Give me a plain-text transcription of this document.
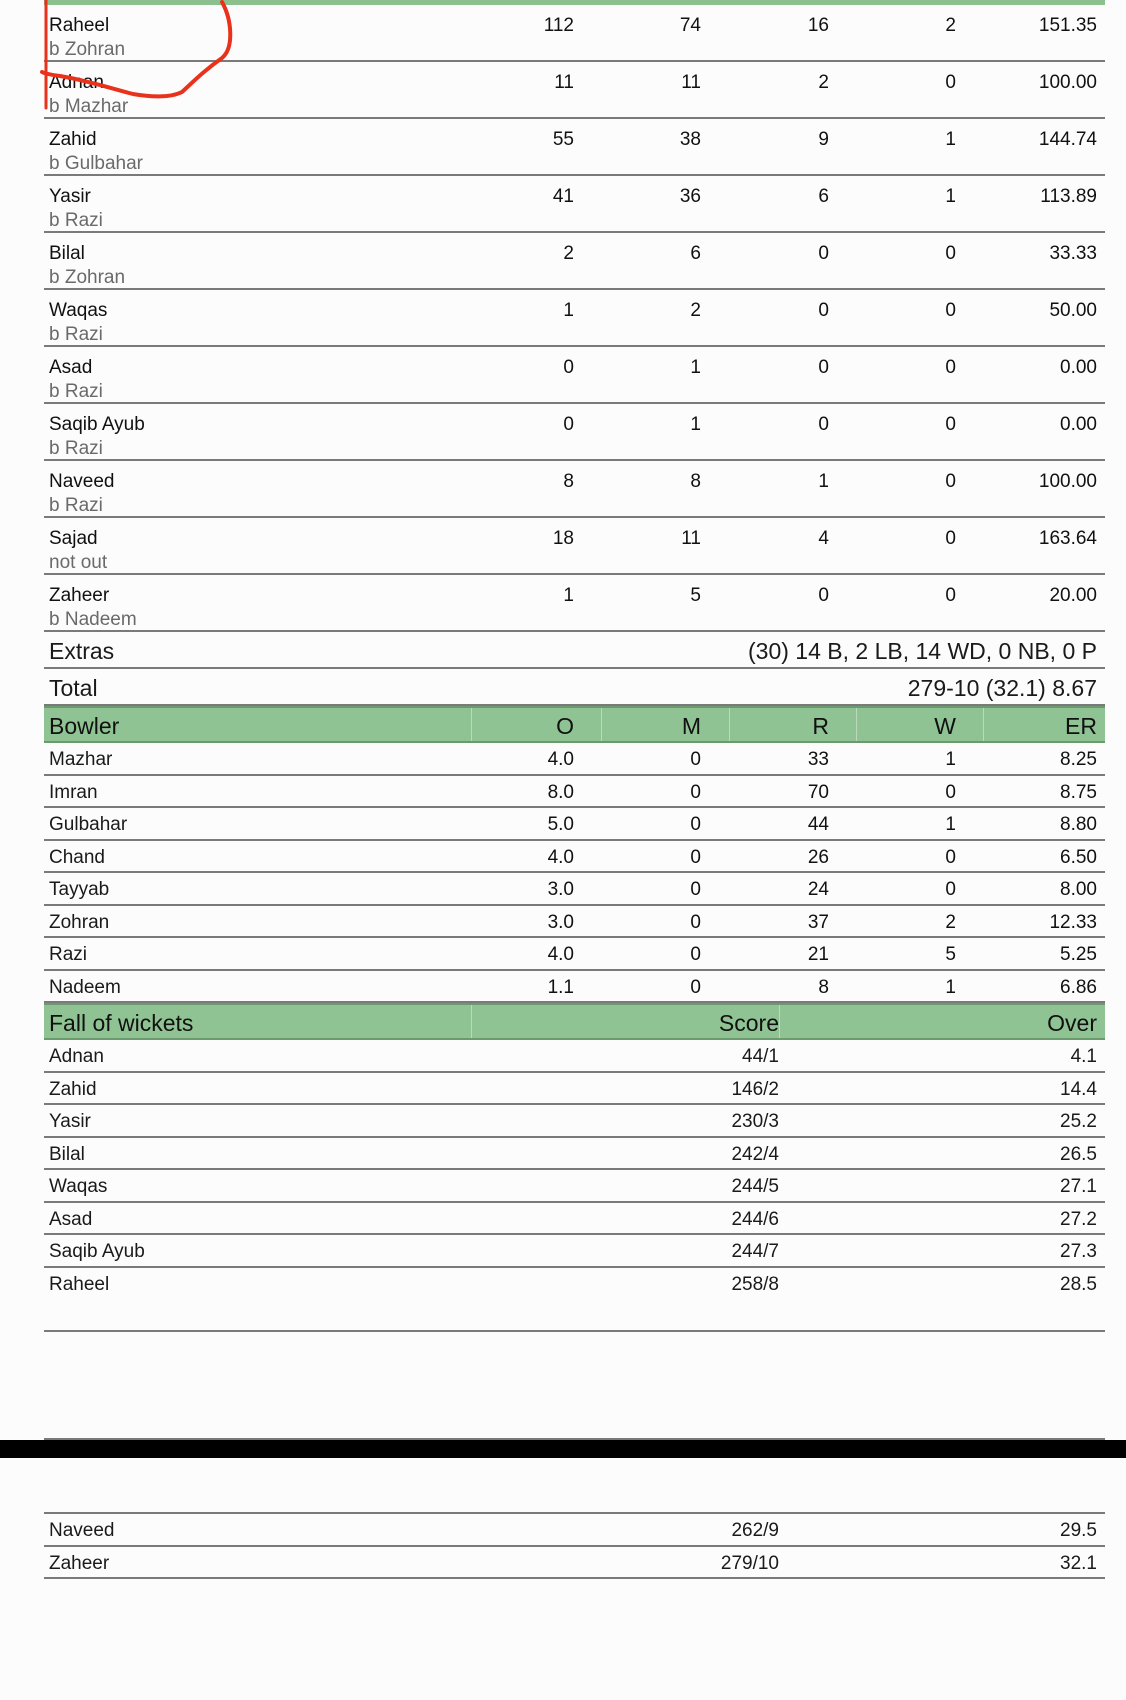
Raheel
b Zohran
112	74	16	2	151.35
Adnan
b Mazhar
11	11	2	0	100.00
Zahid
b Gulbahar
55	38	9	1	144.74
Yasir
b Razi
41	36	6	1	113.89
Bilal
b Zohran
2	6	0	0	33.33
Waqas
b Razi
1	2	0	0	50.00
Asad
b Razi
0	1	0	0	0.00
Saqib Ayub
b Razi
0	1	0	0	0.00
Naveed
b Razi
8	8	1	0	100.00
Sajad
not out
18	11	4	0	163.64
Zaheer
b Nadeem
1	5	0	0	20.00
Extras	(30) 14 B, 2 LB, 14 WD, 0 NB, 0 P
Total	279-10 (32.1) 8.67
Bowler	O	M	R	W	ER
Mazhar	4.0	0	33	1	8.25
Imran	8.0	0	70	0	8.75
Gulbahar	5.0	0	44	1	8.80
Chand	4.0	0	26	0	6.50
Tayyab	3.0	0	24	0	8.00
Zohran	3.0	0	37	2	12.33
Razi	4.0	0	21	5	5.25
Nadeem	1.1	0	8	1	6.86
Fall of wickets	Score	Over
Adnan	44/1	4.1
Zahid	146/2	14.4
Yasir	230/3	25.2
Bilal	242/4	26.5
Waqas	244/5	27.1
Asad	244/6	27.2
Saqib Ayub	244/7	27.3
Raheel	258/8	28.5
Naveed	262/9	29.5
Zaheer	279/10	32.1
